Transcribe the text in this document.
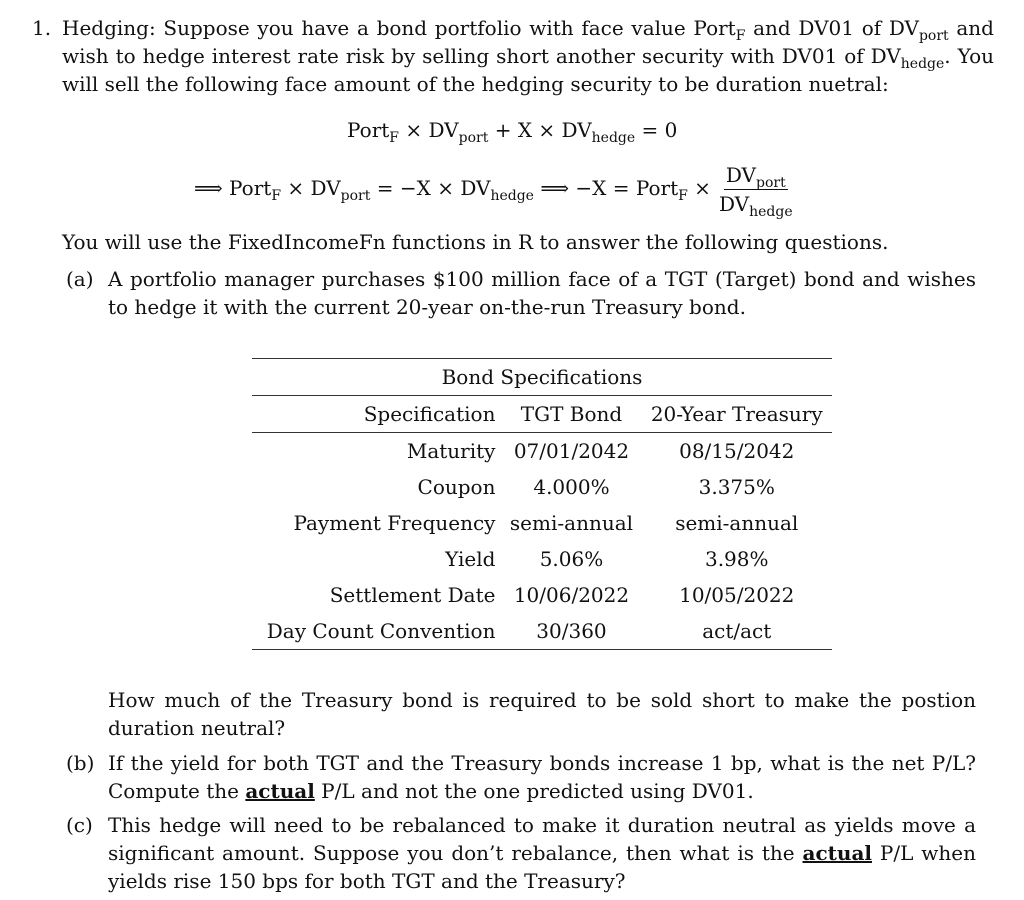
1. Hedging: Suppose you have a bond portfolio with face value Port$_F$ and DV01 of $DV_{port}$ and wish to hedge interest rate risk by selling short another security with DV01 of $DV_{hedge}$. You will sell the following face amount of the hedging security to be duration nuetral:
Port$_F$ × $DV_{port} + X \times DV_{hedge} = 0$
⟹ Port$_F$ × $DV_{port} = -X \times DV_{hedge}$ ⟹ −X = Port$_F$ × $\frac{DV_{port}}{DV_{hedge}}$
You will use the FixedIncomeFn functions in R to answer the following questions.
(a) A portfolio manager purchases $100 million face of a TGT (Target) bond and wishes to hedge it with the current 20-year on-the-run Treasury bond.
Bond Specifications		
Specification	TGT Bond	20-Year Treasury
Maturity	07/01/2042	08/15/2042
Coupon	4.000%	3.375%
Payment Frequency	semi-annual	semi-annual
Yield	5.06%	3.98%
Settlement Date	10/06/2022	10/05/2022
Day Count Convention	30/360	act/act
How much of the Treasury bond is required to be sold short to make the postion duration neutral?
(b) If the yield for both TGT and the Treasury bonds increase 1 bp, what is the net P/L? Compute the actual P/L and not the one predicted using DV01.
(c) This hedge will need to be rebalanced to make it duration neutral as yields move a significant amount. Suppose you don’t rebalance, then what is the actual P/L when yields rise 150 bps for both TGT and the Treasury?
